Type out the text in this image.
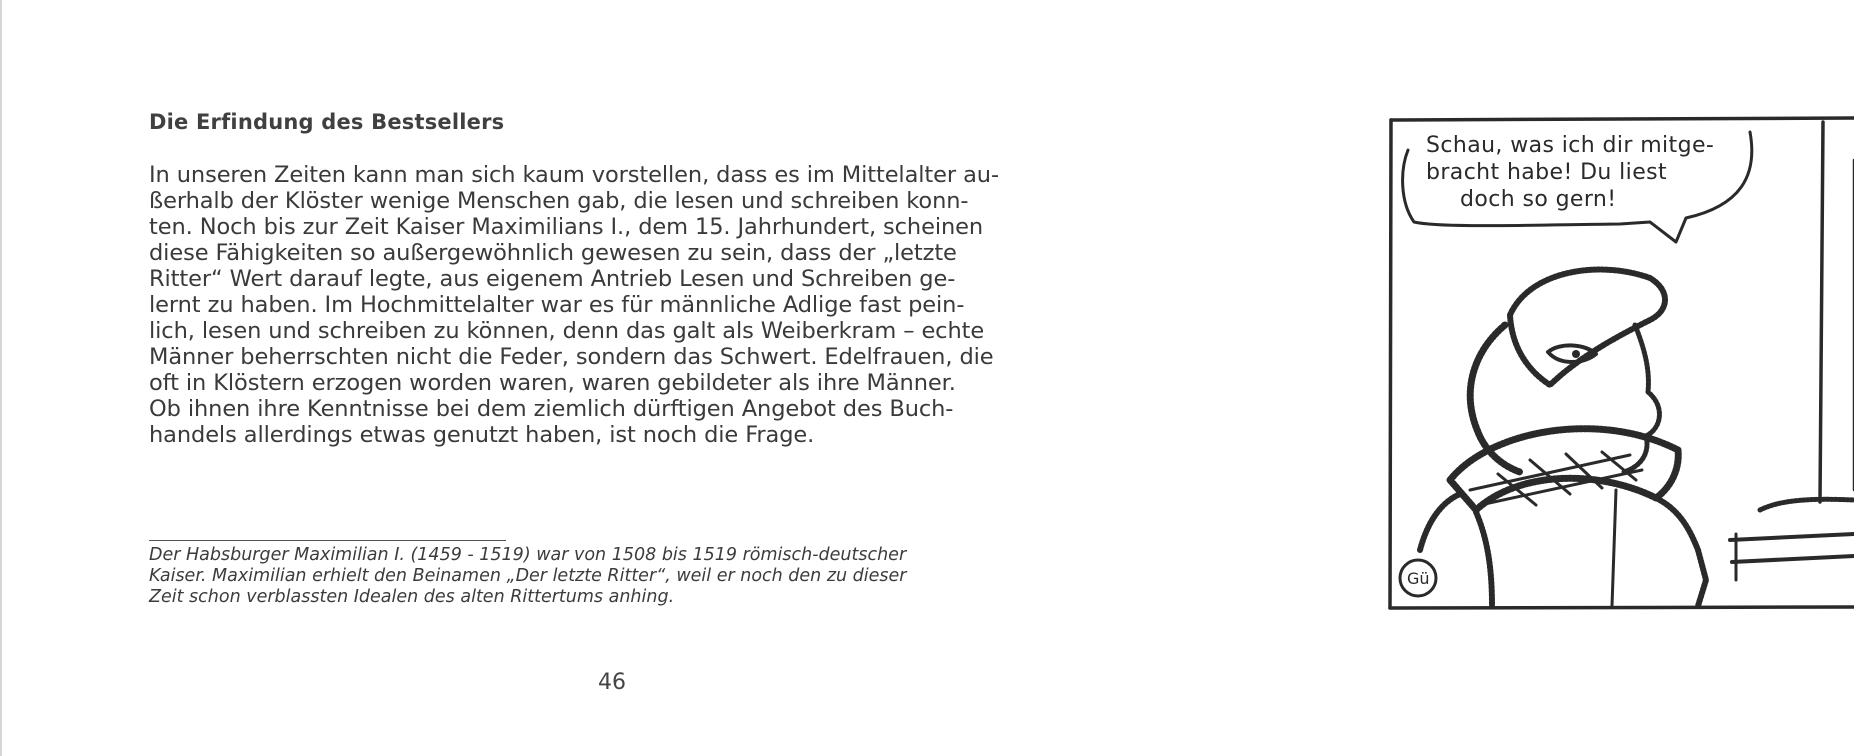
Die Erfindung des Bestsellers
In unseren Zeiten kann man sich kaum vorstellen, dass es im Mittelalter au-
ßerhalb der Klöster wenige Menschen gab, die lesen und schreiben konn-
ten. Noch bis zur Zeit Kaiser Maximilians I., dem 15. Jahrhundert, scheinen
diese Fähigkeiten so außergewöhnlich gewesen zu sein, dass der „letzte
Ritter“ Wert darauf legte, aus eigenem Antrieb Lesen und Schreiben ge-
lernt zu haben. Im Hochmittelalter war es für männliche Adlige fast pein-
lich, lesen und schreiben zu können, denn das galt als Weiberkram – echte
Männer beherrschten nicht die Feder, sondern das Schwert. Edelfrauen, die
oft in Klöstern erzogen worden waren, waren gebildeter als ihre Männer.
Ob ihnen ihre Kenntnisse bei dem ziemlich dürftigen Angebot des Buch-
handels allerdings etwas genutzt haben, ist noch die Frage.
Der Habsburger Maximilian I. (1459 - 1519) war von 1508 bis 1519 römisch-deutscher
Kaiser. Maximilian erhielt den Beinamen „Der letzte Ritter“, weil er noch den zu dieser
Zeit schon verblassten Idealen des alten Rittertums anhing.
46
Schau, was ich dir mitge-
bracht habe! Du liest
doch so gern!
Gü
